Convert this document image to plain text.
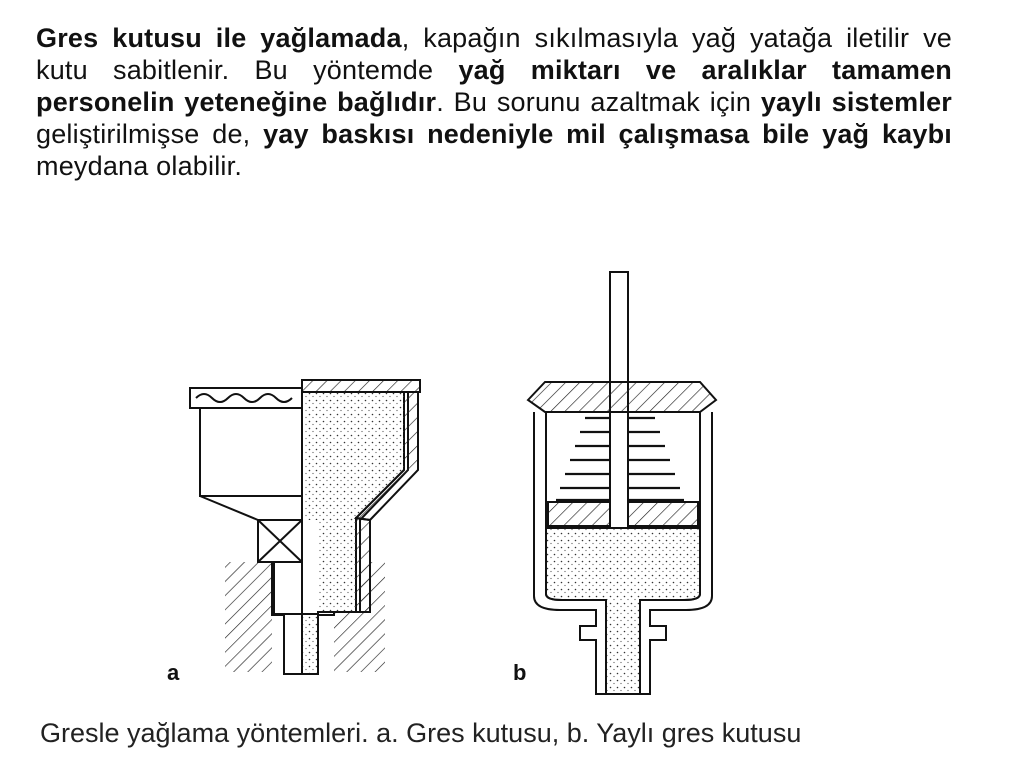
Gres kutusu ile yağlamada, kapağın sıkılmasıyla yağ yatağa iletilir ve kutu sabitlenir. Bu yöntemde yağ miktarı ve aralıklar tamamen personelin yeteneğine bağlıdır. Bu sorunu azaltmak için yaylı sistemler geliştirilmişse de, yay baskısı nedeniyle mil çalışmasa bile yağ kaybı meydana olabilir.
a	b
Gresle yağlama yöntemleri. a. Gres kutusu, b. Yaylı gres kutusu
